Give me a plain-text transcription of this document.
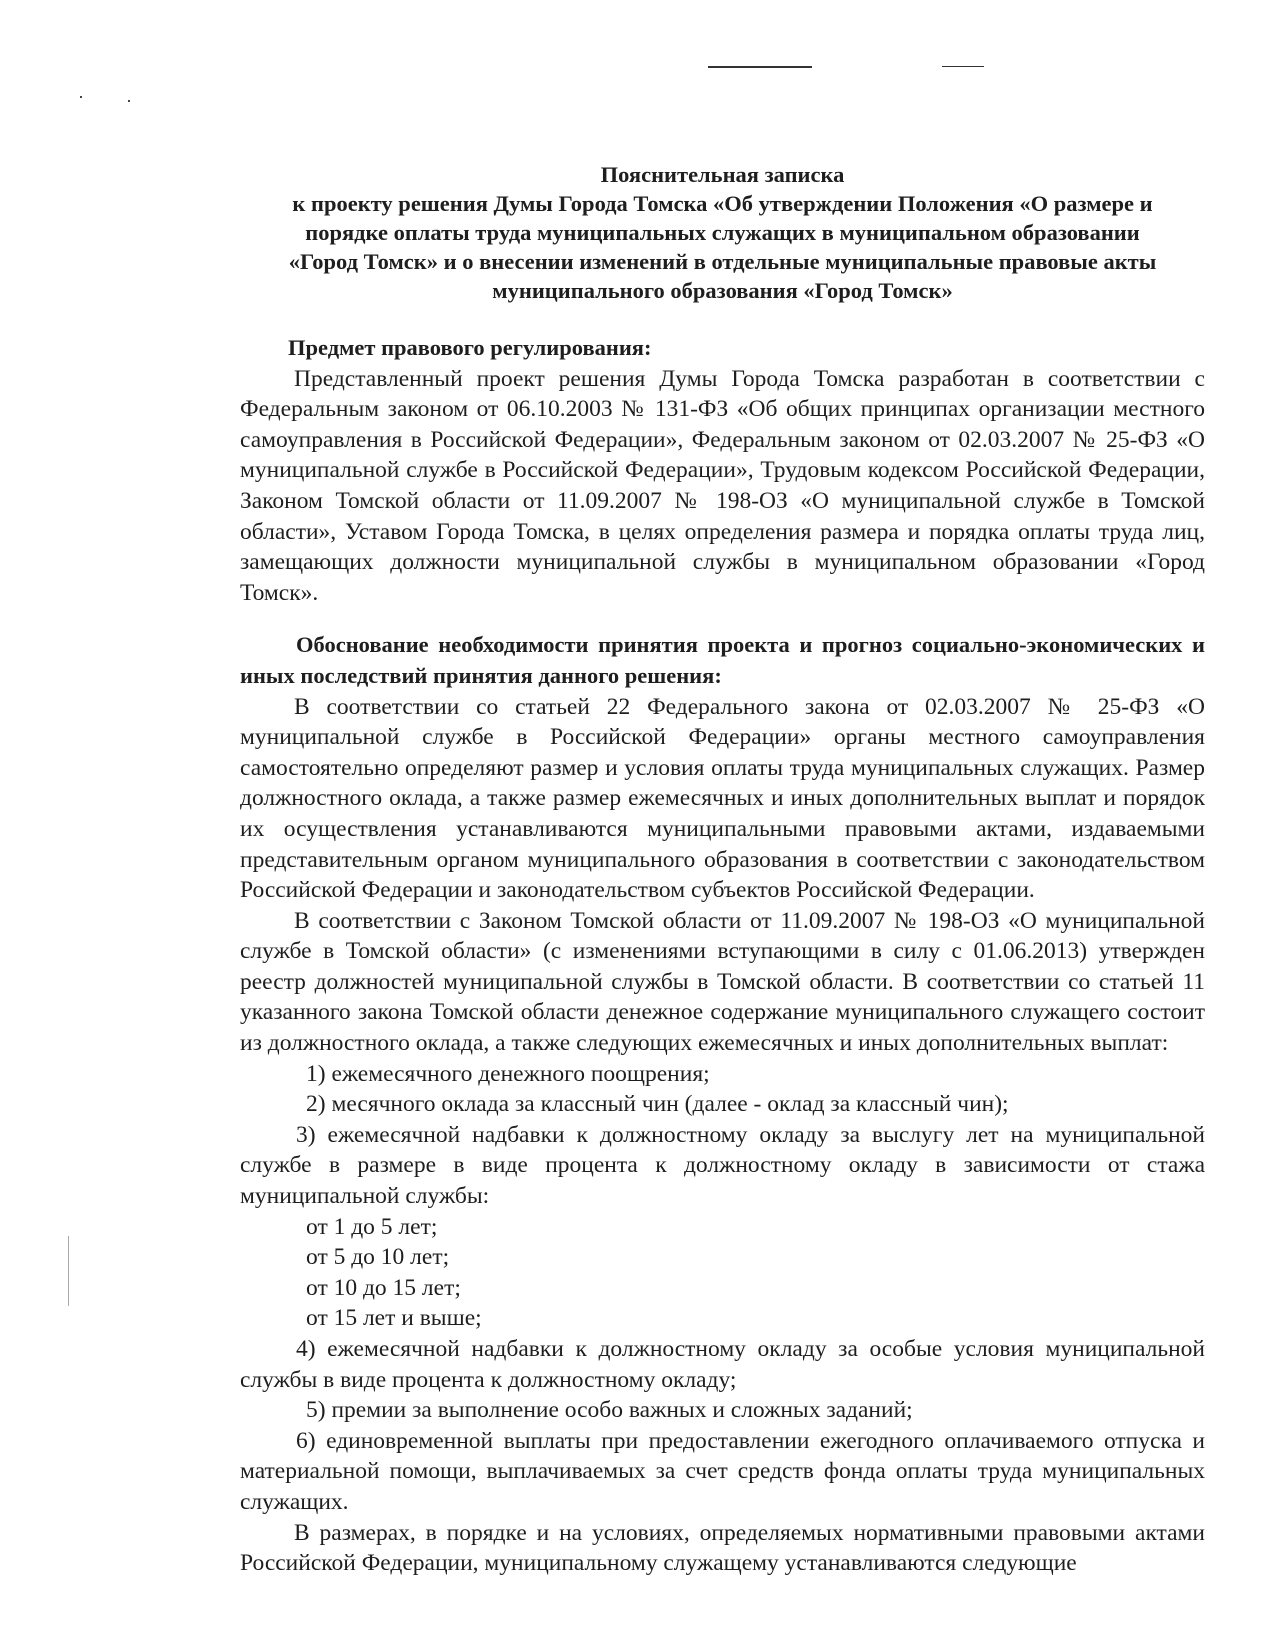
Пояснительная записка
к проекту решения Думы Города Томска «Об утверждении Положения «О размере и
порядке оплаты труда муниципальных служащих в муниципальном образовании
«Город Томск» и о внесении изменений в отдельные муниципальные правовые акты
муниципального образования «Город Томск»
Предмет правового регулирования:

Представленный проект решения Думы Города Томска разработан в соответствии с Федеральным законом от 06.10.2003 № 131-ФЗ «Об общих принципах организации местного самоуправления в Российской Федерации», Федеральным законом от 02.03.2007 № 25-ФЗ «О муниципальной службе в Российской Федерации», Трудовым кодексом Российской Федерации, Законом Томской области от 11.09.2007 № 198-ОЗ «О муниципальной службе в Томской области», Уставом Города Томска, в целях определения размера и порядка оплаты труда лиц, замещающих должности муниципальной службы в муниципальном образовании «Город Томск».

Обоснование необходимости принятия проекта и прогноз социально-экономических и иных последствий принятия данного решения:

В соответствии со статьей 22 Федерального закона от 02.03.2007 № 25-ФЗ «О муниципальной службе в Российской Федерации» органы местного самоуправления самостоятельно определяют размер и условия оплаты труда муниципальных служащих. Размер должностного оклада, а также размер ежемесячных и иных дополнительных выплат и порядок их осуществления устанавливаются муниципальными правовыми актами, издаваемыми представительным органом муниципального образования в соответствии с законодательством Российской Федерации и законодательством субъектов Российской Федерации.

В соответствии с Законом Томской области от 11.09.2007 № 198-ОЗ «О муниципальной службе в Томской области» (с изменениями вступающими в силу с 01.06.2013) утвержден реестр должностей муниципальной службы в Томской области. В соответствии со статьей 11 указанного закона Томской области денежное содержание муниципального служащего состоит из должностного оклада, а также следующих ежемесячных и иных дополнительных выплат:

1) ежемесячного денежного поощрения;

2) месячного оклада за классный чин (далее - оклад за классный чин);

3) ежемесячной надбавки к должностному окладу за выслугу лет на муниципальной службе в размере в виде процента к должностному окладу в зависимости от стажа муниципальной службы:

от 1 до 5 лет;

от 5 до 10 лет;

от 10 до 15 лет;

от 15 лет и выше;

4) ежемесячной надбавки к должностному окладу за особые условия муниципальной службы в виде процента к должностному окладу;

5) премии за выполнение особо важных и сложных заданий;

6) единовременной выплаты при предоставлении ежегодного оплачиваемого отпуска и материальной помощи, выплачиваемых за счет средств фонда оплаты труда муниципальных служащих.

В размерах, в порядке и на условиях, определяемых нормативными правовыми актами Российской Федерации, муниципальному служащему устанавливаются следующие
